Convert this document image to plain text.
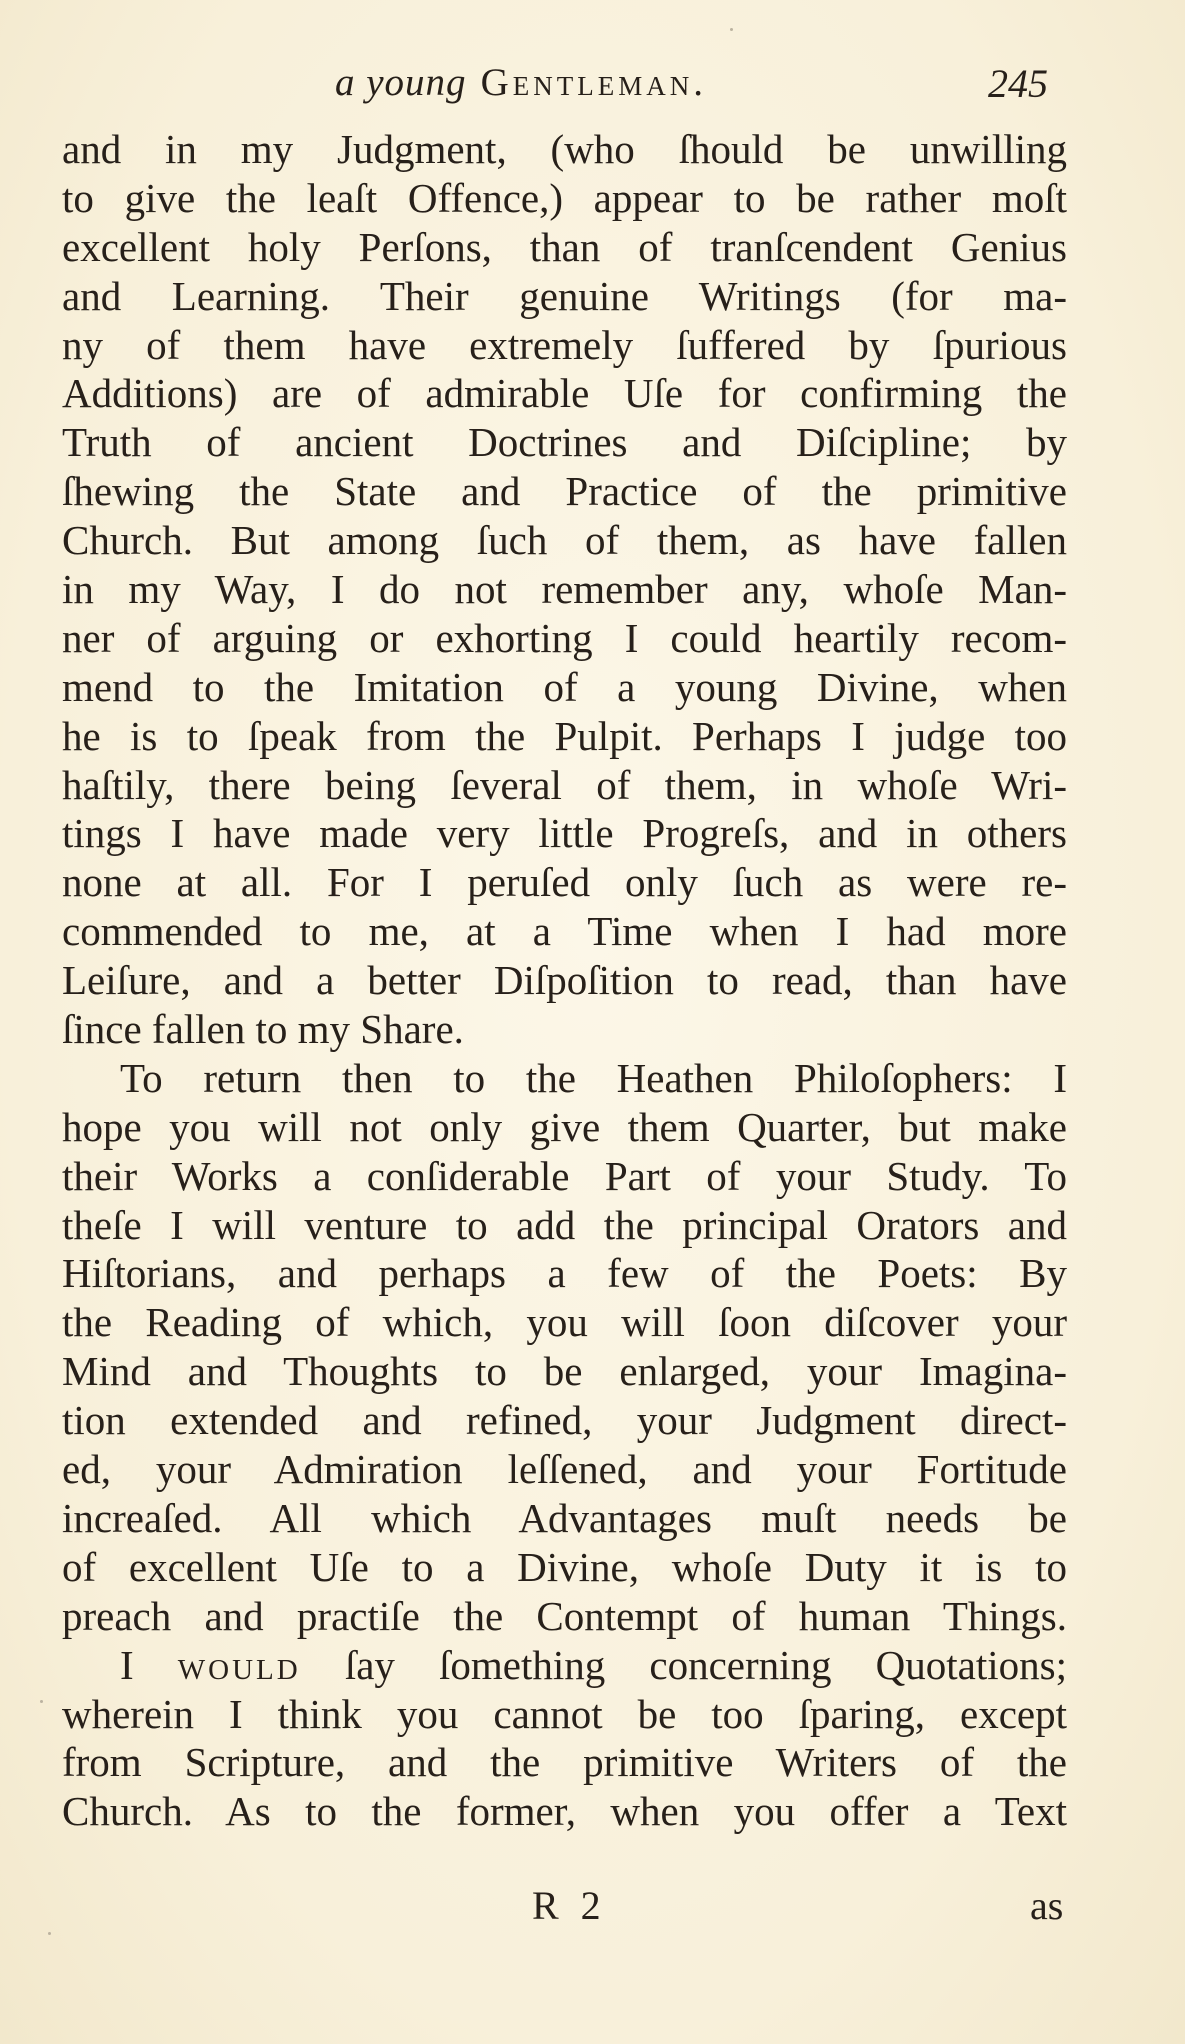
a young Gentleman.	245
and in my Judgment, (who ſhould be unwilling
to give the leaſt Offence,) appear to be rather moſt
excellent holy Perſons, than of tranſcendent Genius
and Learning. Their genuine Writings (for ma-
ny of them have extremely ſuffered by ſpurious
Additions) are of admirable Uſe for confirming the
Truth of ancient Doctrines and Diſcipline; by
ſhewing the State and Practice of the primitive
Church. But among ſuch of them, as have fallen
in my Way, I do not remember any, whoſe Man-
ner of arguing or exhorting I could heartily recom-
mend to the Imitation of a young Divine, when
he is to ſpeak from the Pulpit. Perhaps I judge too
haſtily, there being ſeveral of them, in whoſe Wri-
tings I have made very little Progreſs, and in others
none at all. For I peruſed only ſuch as were re-
commended to me, at a Time when I had more
Leiſure, and a better Diſpoſition to read, than have
ſince fallen to my Share.
To return then to the Heathen Philoſophers: I
hope you will not only give them Quarter, but make
their Works a conſiderable Part of your Study. To
theſe I will venture to add the principal Orators and
Hiſtorians, and perhaps a few of the Poets: By
the Reading of which, you will ſoon diſcover your
Mind and Thoughts to be enlarged, your Imagina-
tion extended and refined, your Judgment direct-
ed, your Admiration leſſened, and your Fortitude
increaſed. All which Advantages muſt needs be
of excellent Uſe to a Divine, whoſe Duty it is to
preach and practiſe the Contempt of human Things.
I would ſay ſomething concerning Quotations;
wherein I think you cannot be too ſparing, except
from Scripture, and the primitive Writers of the
Church. As to the former, when you offer a Text
R 2	as
